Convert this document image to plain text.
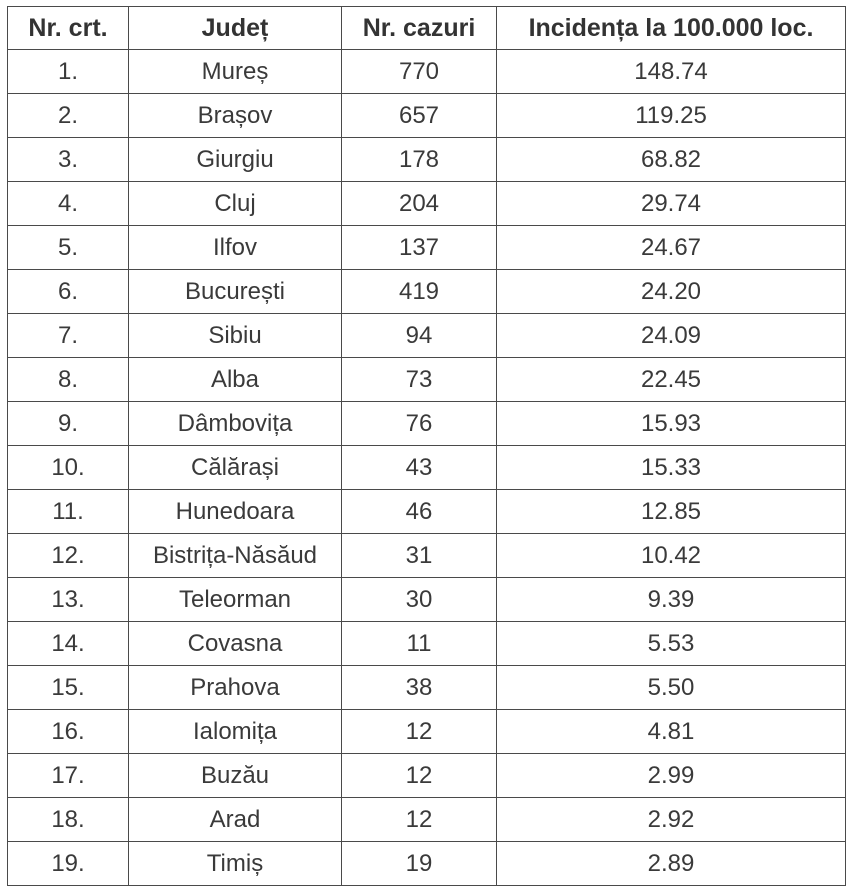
Nr. crt.	Județ	Nr. cazuri	Incidența la 100.000 loc.
1.	Mureș	770	148.74
2.	Brașov	657	119.25
3.	Giurgiu	178	68.82
4.	Cluj	204	29.74
5.	Ilfov	137	24.67
6.	București	419	24.20
7.	Sibiu	94	24.09
8.	Alba	73	22.45
9.	Dâmbovița	76	15.93
10.	Călărași	43	15.33
11.	Hunedoara	46	12.85
12.	Bistrița-Năsăud	31	10.42
13.	Teleorman	30	9.39
14.	Covasna	11	5.53
15.	Prahova	38	5.50
16.	Ialomița	12	4.81
17.	Buzău	12	2.99
18.	Arad	12	2.92
19.	Timiș	19	2.89
